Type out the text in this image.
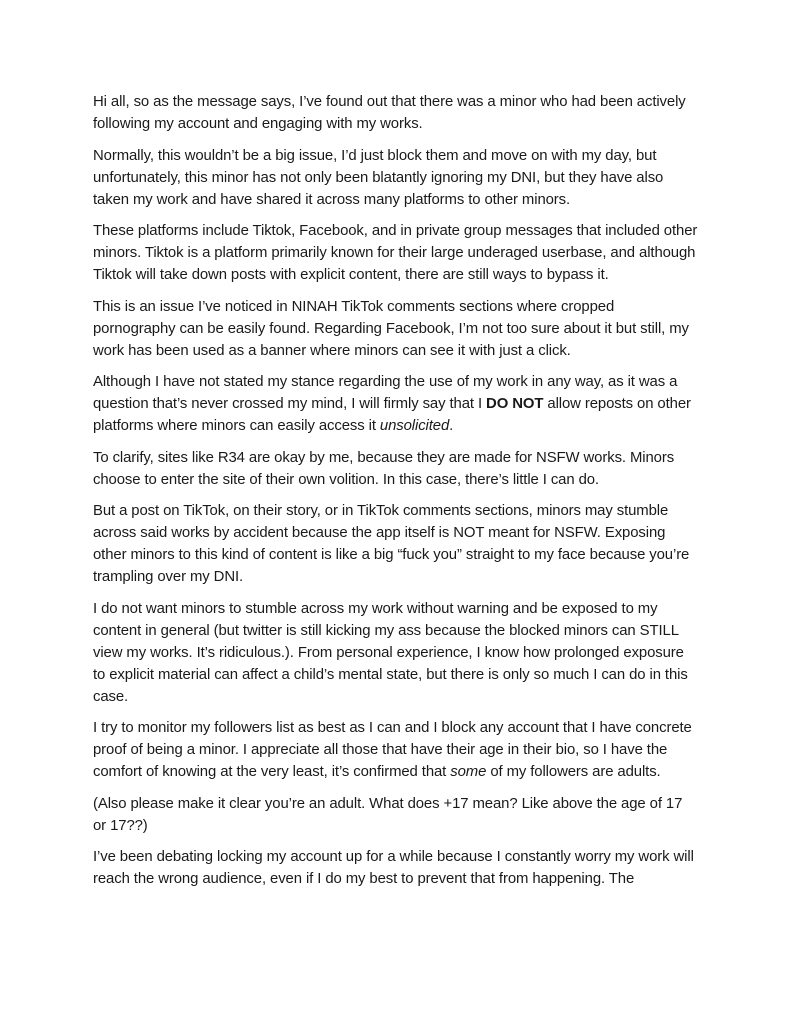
Hi all, so as the message says, I’ve found out that there was a minor who had been actively following my account and engaging with my works.

Normally, this wouldn’t be a big issue, I’d just block them and move on with my day, but unfortunately, this minor has not only been blatantly ignoring my DNI, but they have also taken my work and have shared it across many platforms to other minors.

These platforms include Tiktok, Facebook, and in private group messages that included other minors. Tiktok is a platform primarily known for their large underaged userbase, and although Tiktok will take down posts with explicit content, there are still ways to bypass it.

This is an issue I’ve noticed in NINAH TikTok comments sections where cropped pornography can be easily found. Regarding Facebook, I’m not too sure about it but still, my work has been used as a banner where minors can see it with just a click.

Although I have not stated my stance regarding the use of my work in any way, as it was a question that’s never crossed my mind, I will firmly say that I DO NOT allow reposts on other platforms where minors can easily access it unsolicited.

To clarify, sites like R34 are okay by me, because they are made for NSFW works. Minors choose to enter the site of their own volition. In this case, there’s little I can do.

But a post on TikTok, on their story, or in TikTok comments sections, minors may stumble across said works by accident because the app itself is NOT meant for NSFW. Exposing other minors to this kind of content is like a big “fuck you” straight to my face because you’re trampling over my DNI.

I do not want minors to stumble across my work without warning and be exposed to my content in general (but twitter is still kicking my ass because the blocked minors can STILL view my works. It’s ridiculous.). From personal experience, I know how prolonged exposure to explicit material can affect a child’s mental state, but there is only so much I can do in this case.

I try to monitor my followers list as best as I can and I block any account that I have concrete proof of being a minor. I appreciate all those that have their age in their bio, so I have the comfort of knowing at the very least, it’s confirmed that some of my followers are adults.

(Also please make it clear you’re an adult. What does +17 mean? Like above the age of 17 or 17??)

I’ve been debating locking my account up for a while because I constantly worry my work will reach the wrong audience, even if I do my best to prevent that from happening. The
